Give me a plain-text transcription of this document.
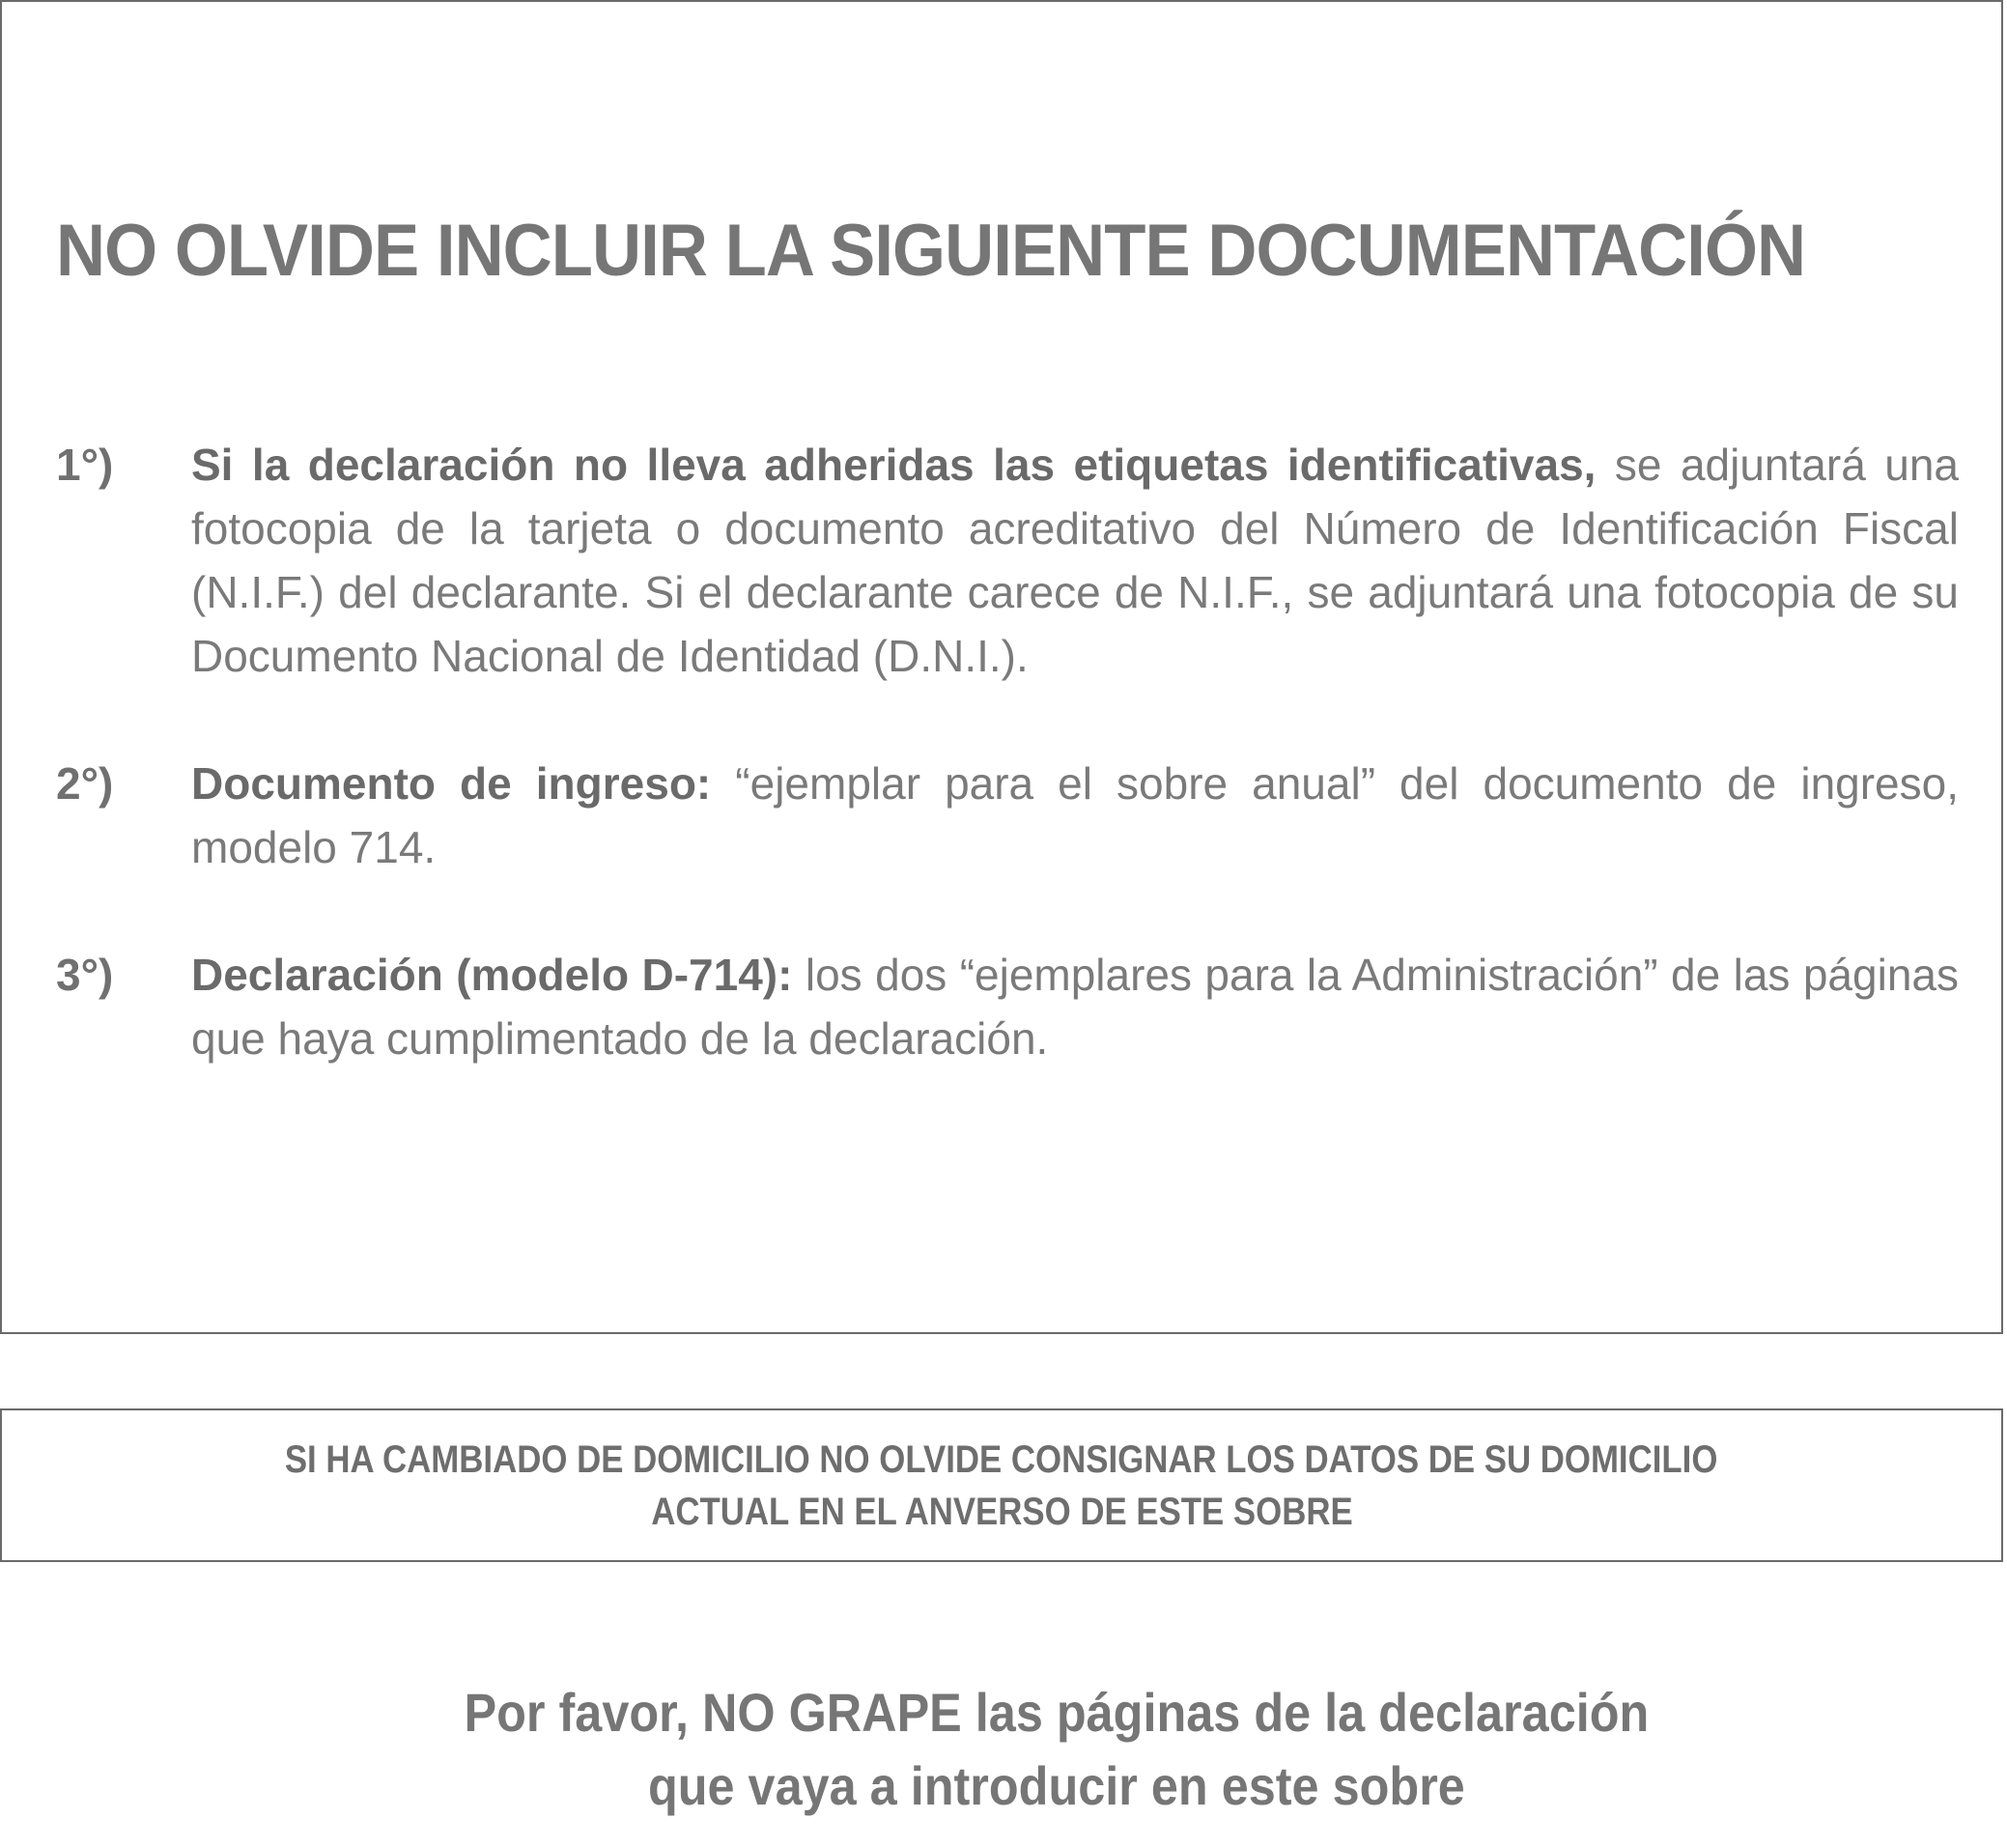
NO OLVIDE INCLUIR LA SIGUIENTE DOCUMENTACIÓN
1°)	Si la declaración no lleva adheridas las etiquetas identificativas, se adjuntará una fotocopia de la tarjeta o documento acreditativo del Número de Identificación Fiscal (N.I.F.) del declarante. Si el declarante carece de N.I.F., se adjuntará una fotocopia de su Documento Nacional de Identidad (D.N.I.).
2°)	Documento de ingreso: “ejemplar para el sobre anual” del documento de ingreso, modelo 714.
3°)	Declaración (modelo D-714): los dos “ejemplares para la Administración” de las páginas que haya cumplimentado de la declaración.
SI HA CAMBIADO DE DOMICILIO NO OLVIDE CONSIGNAR LOS DATOS DE SU DOMICILIO
ACTUAL EN EL ANVERSO DE ESTE SOBRE
Por favor, NO GRAPE las páginas de la declaración
que vaya a introducir en este sobre
